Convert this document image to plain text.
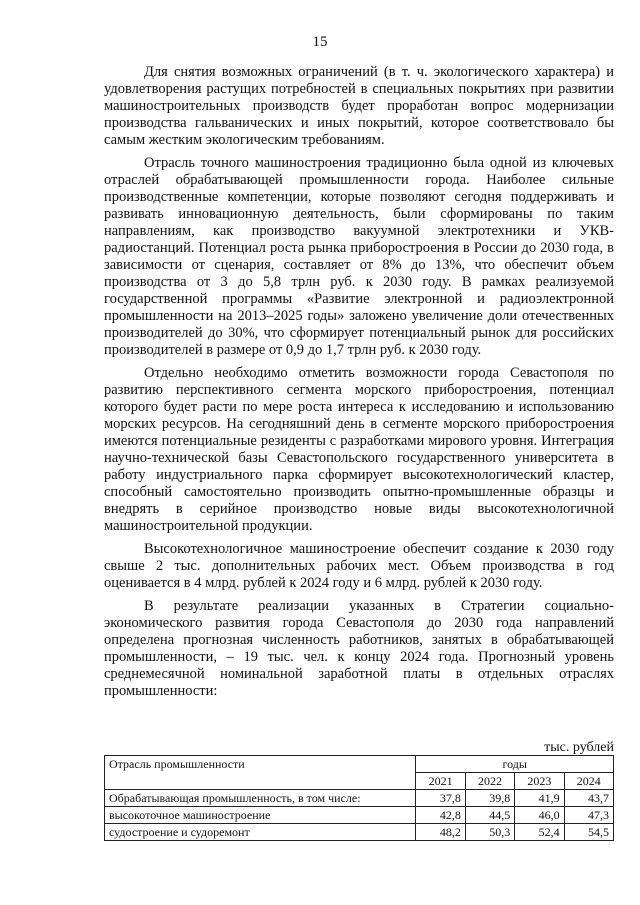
15

Для снятия возможных ограничений (в т. ч. экологического характера) и удовлетворения растущих потребностей в специальных покрытиях при развитии машиностроительных производств будет проработан вопрос модернизации производства гальванических и иных покрытий, которое соответствовало бы самым жестким экологическим требованиям.

Отрасль точного машиностроения традиционно была одной из ключевых отраслей обрабатывающей промышленности города. Наиболее сильные производственные компетенции, которые позволяют сегодня поддерживать и развивать инновационную деятельность, были сформированы по таким направлениям, как производство вакуумной электротехники и УКВ-радиостанций. Потенциал роста рынка приборостроения в России до 2030 года, в зависимости от сценария, составляет от 8% до 13%, что обеспечит объем производства от 3 до 5,8 трлн руб. к 2030 году. В рамках реализуемой государственной программы «Развитие электронной и радиоэлектронной промышленности на 2013–2025 годы» заложено увеличение доли отечественных производителей до 30%, что сформирует потенциальный рынок для российских производителей в размере от 0,9 до 1,7 трлн руб. к 2030 году.

Отдельно необходимо отметить возможности города Севастополя по развитию перспективного сегмента морского приборостроения, потенциал которого будет расти по мере роста интереса к исследованию и использованию морских ресурсов. На сегодняшний день в сегменте морского приборостроения имеются потенциальные резиденты с разработками мирового уровня. Интеграция научно-технической базы Севастопольского государственного университета в работу индустриального парка сформирует высокотехнологический кластер, способный самостоятельно производить опытно-промышленные образцы и внедрять в серийное производство новые виды высокотехнологичной машиностроительной продукции.

Высокотехнологичное машиностроение обеспечит создание к 2030 году свыше 2 тыс. дополнительных рабочих мест. Объем производства в год оценивается в 4 млрд. рублей к 2024 году и 6 млрд. рублей к 2030 году.

В результате реализации указанных в Стратегии социально-экономического развития города Севастополя до 2030 года направлений определена прогнозная численность работников, занятых в обрабатывающей промышленности, – 19 тыс. чел. к концу 2024 года. Прогнозный уровень среднемесячной номинальной заработной платы в отдельных отраслях промышленности:

тыс. рублей
Отрасль промышленности	годы			
	2021	2022	2023	2024
Обрабатывающая промышленность, в том числе:	37,8	39,8	41,9	43,7
высокоточное машиностроение	42,8	44,5	46,0	47,3
судостроение и судоремонт	48,2	50,3	52,4	54,5
